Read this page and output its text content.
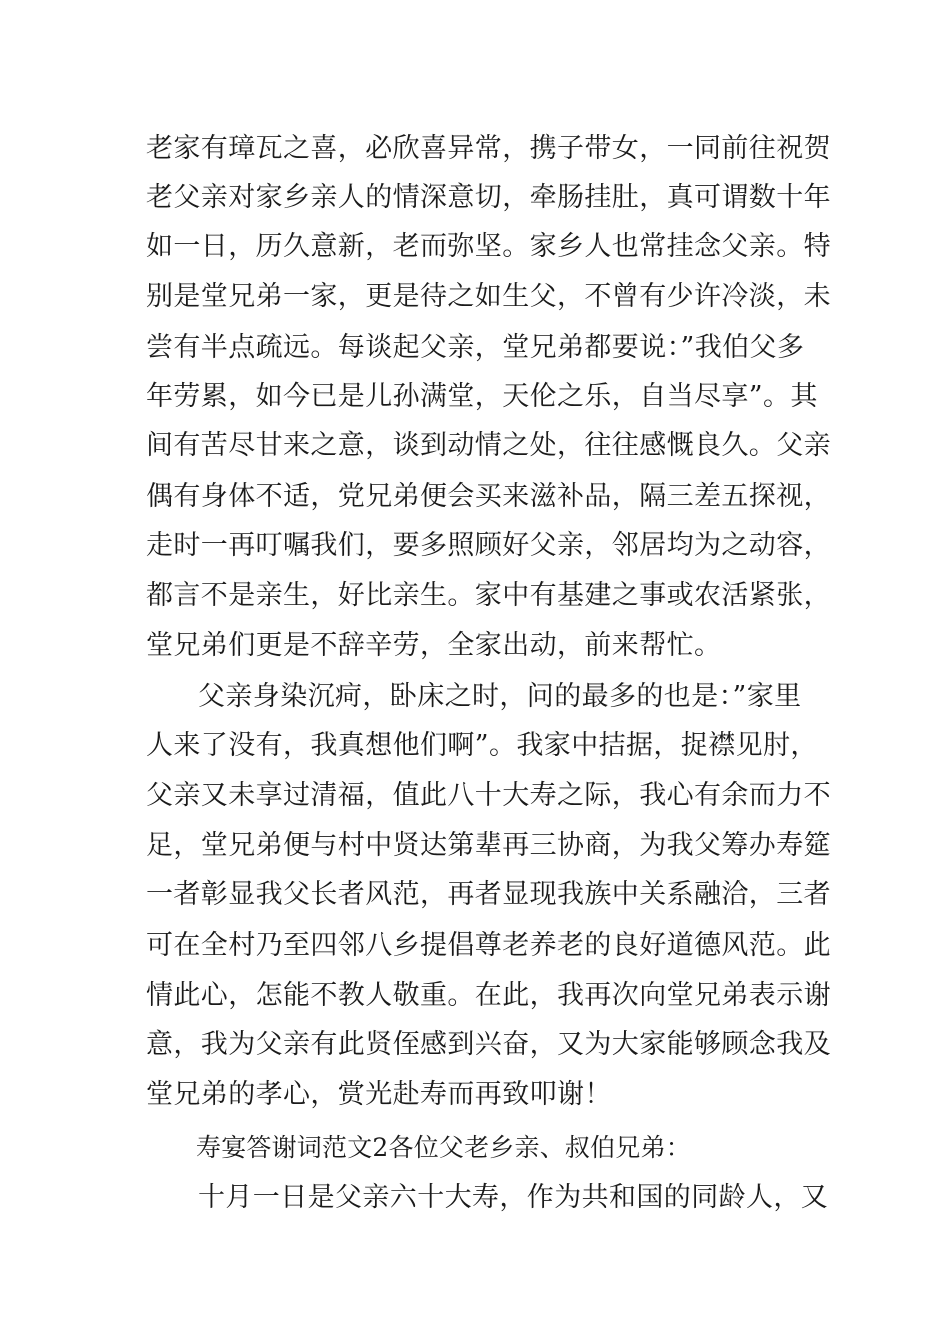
老家有璋瓦之喜，必欣喜异常，携子带女，一同前往祝贺
老父亲对家乡亲人的情深意切，牵肠挂肚，真可谓数十年
如一日，历久意新，老而弥坚。家乡人也常挂念父亲。特
别是堂兄弟一家，更是待之如生父，不曾有少许冷淡，未
尝有半点疏远。每谈起父亲，堂兄弟都要说：”我伯父多
年劳累，如今已是儿孙满堂，天伦之乐，自当尽享”。其
间有苦尽甘来之意，谈到动情之处，往往感慨良久。父亲
偶有身体不适，党兄弟便会买来滋补品，隔三差五探视，
走时一再叮嘱我们，要多照顾好父亲，邻居均为之动容，
都言不是亲生，好比亲生。家中有基建之事或农活紧张，
堂兄弟们更是不辞辛劳，全家出动，前来帮忙。
父亲身染沉疴，卧床之时，问的最多的也是：”家里
人来了没有，我真想他们啊”。我家中拮据，捉襟见肘，
父亲又未享过清福，值此八十大寿之际，我心有余而力不
足，堂兄弟便与村中贤达第辈再三协商，为我父筹办寿筵
一者彰显我父长者风范，再者显现我族中关系融洽，三者
可在全村乃至四邻八乡提倡尊老养老的良好道德风范。此
情此心，怎能不教人敬重。在此，我再次向堂兄弟表示谢
意，我为父亲有此贤侄感到兴奋，又为大家能够顾念我及
堂兄弟的孝心，赏光赴寿而再致叩谢！
寿宴答谢词范文2各位父老乡亲、叔伯兄弟：
十月一日是父亲六十大寿，作为共和国的同龄人，又
